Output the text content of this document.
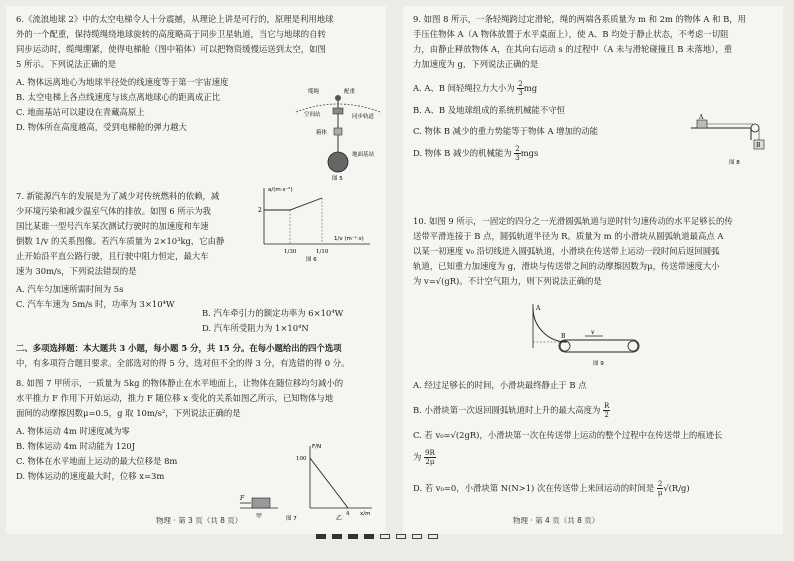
6.《流浪地球 2》中的太空电梯令人十分震撼，从理论上讲是可行的，原理是利用地球

外的一个配重，保持缆绳绕地球旋转的高度略高于同步卫星轨道，当它与地球的自转

同步运动时，缆绳绷紧，使得电梯舱（图中箱体）可以把物资缓慢运送到太空，如图

5 所示。下列说法正确的是

A. 物体远离地心为地球半径处的线速度等于第一宇宙速度

B. 太空电梯上各点线速度与该点离地球心的距离成正比

C. 地面基站可以建设在青藏高原上

D. 物体所在高度越高，受到电梯舱的弹力越大

缆绳	配重
空间站	同步轨道
箱体
地面基站
图 5

7. 新能源汽车的发展是为了减少对传统燃料的依赖，减

少环境污染和减少温室气体的排放。如图 6 所示为我

国比某谁一型号汽车某次测试行驶时的加速度和车速

倒数 1/v 的关系图像。若汽车质量为 2×10³kg，它由静

止开始沿平直公路行驶，且行驶中阻力恒定，最大车

速为 30m/s，下列说法错误的是

A. 汽车匀加速所需时间为 5s

C. 汽车车速为 5m/s 时，功率为 3×10⁴W

B. 汽车牵引力的额定功率为 6×10⁴W

D. 汽车所受阻力为 1×10⁴N

a/(m·s⁻²)
2
1/30	1/10
1/v (m⁻¹·s)
图 6

二、多项选择题：本大题共 3 小题，每小题 5 分，共 15 分。在每小题给出的四个选项

中，有多项符合题目要求。全部选对的得 5 分，选对但不全的得 3 分，有选错的得 0 分。

8. 如图 7 甲所示，一质量为 5kg 的物体静止在水平地面上，让物体在随位移均匀减小的

水平推力 F 作用下开始运动，推力 F 随位移 x 变化的关系如图乙所示，已知物体与地

面间的动摩擦因数μ=0.5，g 取 10m/s²，下列说法正确的是

A. 物体运动 4m 时速度减为零

B. 物体运动 4m 时动能为 120J

C. 物体在水平地面上运动的最大位移是 8m

D. 物体运动的速度最大时，位移 x=3m

F
甲
F/N
100
4 x/m
乙
图 7
物理 · 第 3 页（共 8 页）

9. 如图 8 所示，一条轻绳跨过定滑轮，绳的两端各系质量为 m 和 2m 的物体 A 和 B，用

手压住物体 A（A 物体放置于水平桌面上），使 A、B 均处于静止状态，不考虑一切阻

力，由静止释放物体 A，在其向右运动 s 的过程中（A 未与滑轮碰撞且 B 未落地），重

力加速度为 g，下列说法正确的是

A. A、B 间轻绳拉力大小为 $\frac{2}{3}$ mg

B. A、B 及地球组成的系统机械能不守恒

C. 物体 B 减少的重力势能等于物体 A 增加的动能

D. 物体 B 减少的机械能为 $\frac{2}{3}$ mgs

A
B
图 8

10. 如图 9 所示，一固定的四分之一光滑圆弧轨道与逆时针匀速传动的水平足够长的传

送带平滑连接于 B 点，圆弧轨道半径为 R。质量为 m 的小滑块从圆弧轨道最高点 A

以某一初速度 v₀ 沿切线进入圆弧轨道，小滑块在传送带上运动一段时间后返回圆弧

轨道，已知重力加速度为 g，滑块与传送带之间的动摩擦因数为μ，传送带速度大小

为 v=√(gR)。不计空气阻力，则下列说法正确的是

A
B
v
图 9

A. 经过足够长的时间，小滑块最终静止于 B 点

B. 小滑块第一次返回圆弧轨道时上升的最大高度为 $\frac{R}{2}$

C. 若 v₀=√(2gR)，小滑块第一次在传送带上运动的整个过程中在传送带上的痕迹长

为 $\frac{9R}{2\mu}$

D. 若 v₀=0，小滑块第 N(N>1) 次在传送带上来回运动的时间是 $\frac{2}{\mu} √(R/g)$

物理 · 第 4 页（共 8 页）
